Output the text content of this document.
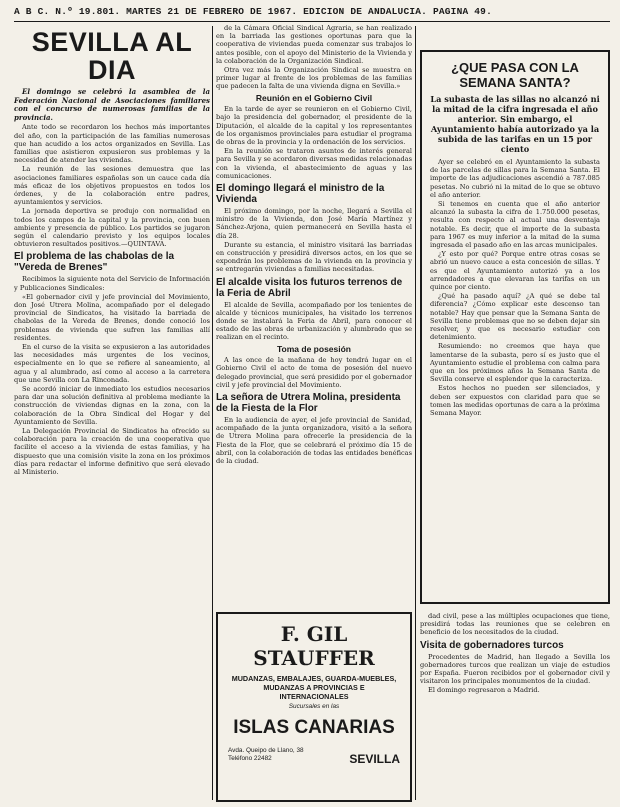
A B C. N.º 19.801. MARTES 21 DE FEBRERO DE 1967. EDICION DE ANDALUCIA. PAGINA 49.
SEVILLA AL DIA

El domingo se celebró la asamblea de la Federación Nacional de Asociaciones familiares con el concurso de numerosas familias de la provincia.

Ante todo se recordaron los hechos más importantes del año, con la participación de las familias numerosas que han acudido a los actos organizados en Sevilla. Las familias que asistieron expusieron sus problemas y la necesidad de atender las viviendas.

La reunión de las sesiones demuestra que las asociaciones familiares españolas son un cauce cada día más eficaz de los objetivos propuestos en todos los órdenes, y de la colaboración entre padres, ayuntamientos y servicios.

La jornada deportiva se produjo con normalidad en todos los campos de la capital y la provincia, con buen ambiente y presencia de público. Los partidos se jugaron según el calendario previsto y los equipos locales obtuvieron resultados positivos.—QUINTAVA.

El problema de las chabolas de la "Vereda de Brenes"

Recibimos la siguiente nota del Servicio de Información y Publicaciones Sindicales:

«El gobernador civil y jefe provincial del Movimiento, don José Utrera Molina, acompañado por el delegado provincial de Sindicatos, ha visitado la barriada de chabolas de la Vereda de Brenes, donde conoció los problemas de vivienda que sufren las familias allí residentes.

En el curso de la visita se expusieron a las autoridades las necesidades más urgentes de los vecinos, especialmente en lo que se refiere al saneamiento, al agua y al alumbrado, así como al acceso a la carretera que une Sevilla con La Rinconada.

Se acordó iniciar de inmediato los estudios necesarios para dar una solución definitiva al problema mediante la construcción de viviendas dignas en la zona, con la colaboración de la Obra Sindical del Hogar y del Ayuntamiento de Sevilla.

La Delegación Provincial de Sindicatos ha ofrecido su colaboración para la creación de una cooperativa que facilite el acceso a la vivienda de estas familias, y ha dispuesto que una comisión visite la zona en los próximos días para redactar el informe definitivo que será elevado al Ministerio.

de la Cámara Oficial Sindical Agraria, se han realizado en la barriada las gestiones oportunas para que la cooperativa de viviendas pueda comenzar sus trabajos lo antes posible, con el apoyo del Ministerio de la Vivienda y la colaboración de la Organización Sindical.

Otra vez más la Organización Sindical se muestra en primer lugar al frente de los problemas de las familias que padecen la falta de una vivienda digna en Sevilla.»

Reunión en el Gobierno Civil

En la tarde de ayer se reunieron en el Gobierno Civil, bajo la presidencia del gobernador, el presidente de la Diputación, el alcalde de la capital y los representantes de los organismos provinciales para estudiar el programa de obras de la provincia y la ordenación de los servicios.

En la reunión se trataron asuntos de interés general para Sevilla y se acordaron diversas medidas relacionadas con la vivienda, el abastecimiento de aguas y las comunicaciones.

El domingo llegará el ministro de la Vivienda

El próximo domingo, por la noche, llegará a Sevilla el ministro de la Vivienda, don José María Martínez y Sánchez-Arjona, quien permanecerá en Sevilla hasta el día 28.

Durante su estancia, el ministro visitará las barriadas en construcción y presidirá diversos actos, en los que se expondrán los problemas de la vivienda en la provincia y se entregarán viviendas a familias necesitadas.

El alcalde visita los futuros terrenos de la Feria de Abril

El alcalde de Sevilla, acompañado por los tenientes de alcalde y técnicos municipales, ha visitado los terrenos donde se instalará la Feria de Abril, para conocer el estado de las obras de urbanización y alumbrado que se realizan en el recinto.

Toma de posesión

A las once de la mañana de hoy tendrá lugar en el Gobierno Civil el acto de toma de posesión del nuevo delegado provincial, que será presidido por el gobernador civil y jefe provincial del Movimiento.

La señora de Utrera Molina, presidenta de la Fiesta de la Flor

En la audiencia de ayer, el jefe provincial de Sanidad, acompañado de la junta organizadora, visitó a la señora de Utrera Molina para ofrecerle la presidencia de la Fiesta de la Flor, que se celebrará el próximo día 15 de abril, con la colaboración de todas las entidades benéficas de la ciudad.

¿QUE PASA CON LA SEMANA SANTA?
La subasta de las sillas no alcanzó ni la mitad de la cifra ingresada el año anterior. Sin embargo, el Ayuntamiento había autorizado ya la subida de las tarifas en un 15 por ciento

Ayer se celebró en el Ayuntamiento la subasta de las parcelas de sillas para la Semana Santa. El importe de las adjudicaciones ascendió a 787.085 pesetas. No cubrió ni la mitad de lo que se obtuvo el año anterior.

Si tenemos en cuenta que el año anterior alcanzó la subasta la cifra de 1.750.000 pesetas, resulta con respecto al actual una desventaja notable. Es decir, que el importe de la subasta para 1967 es muy inferior a la mitad de la suma ingresada el pasado año en las arcas municipales.

¿Y esto por qué? Porque entre otras cosas se abrió un nuevo cauce a esta concesión de sillas. Y es que el Ayuntamiento autorizó ya a los arrendadores a que elevaran las tarifas en un quince por ciento.

¿Qué ha pasado aquí? ¿A qué se debe tal diferencia? ¿Cómo explicar este descenso tan notable? Hay que pensar que la Semana Santa de Sevilla tiene problemas que no se deben dejar sin resolver, y que es necesario estudiar con detenimiento.

Resumiendo: no creemos que haya que lamentarse de la subasta, pero sí es justo que el Ayuntamiento estudie el problema con calma para que en los próximos años la Semana Santa de Sevilla conserve el esplendor que la caracteriza.

Estos hechos no pueden ser silenciados, y deben ser expuestos con claridad para que se tomen las medidas oportunas de cara a la próxima Semana Mayor.

dad civil, pese a las múltiples ocupaciones que tiene, presidirá todas las reuniones que se celebren en beneficio de los necesitados de la ciudad.

Visita de gobernadores turcos

Procedentes de Madrid, han llegado a Sevilla los gobernadores turcos que realizan un viaje de estudios por España. Fueron recibidos por el gobernador civil y visitaron los principales monumentos de la ciudad.

El domingo regresaron a Madrid.

F. GIL STAUFFER
MUDANZAS, EMBALAJES, GUARDA-MUEBLES, MUDANZAS A PROVINCIAS E INTERNACIONALES
Sucursales en las
ISLAS CANARIAS
Avda. Queipo de Llano, 38
Teléfono 22482	SEVILLA
